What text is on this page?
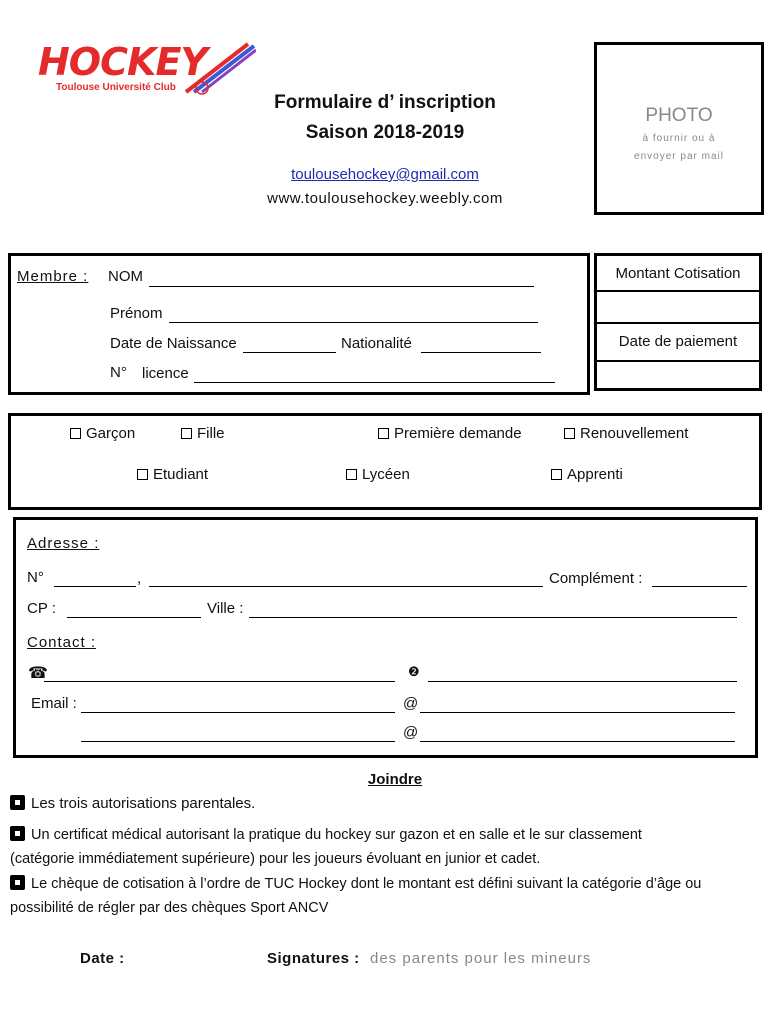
HOCKEY
Toulouse Université Club
Formulaire d’ inscription
Saison 2018-2019
toulousehockey@gmail.com
www.toulousehockey.weebly.com
PHOTO
à fournir ou à
envoyer par mail
Membre : NOM
Prénom
Date de Naissance	Nationalité
N° licence
Montant Cotisation
Date de paiement
Garçon	Fille	Première demande	Renouvellement
Etudiant	Lycéen	Apprenti
Adresse :
N°	,	Complément :
CP :	Ville :
Contact :
☎	❷
Email :	@
@
Joindre
Les trois autorisations parentales.
Un certificat médical autorisant la pratique du hockey sur gazon et en salle et le sur classement
(catégorie immédiatement supérieure) pour les joueurs évoluant en junior et cadet.
Le chèque de cotisation à l’ordre de TUC Hockey dont le montant est défini suivant la catégorie d’âge ou
possibilité de régler par des chèques Sport ANCV
Date :	Signatures : des parents pour les mineurs
